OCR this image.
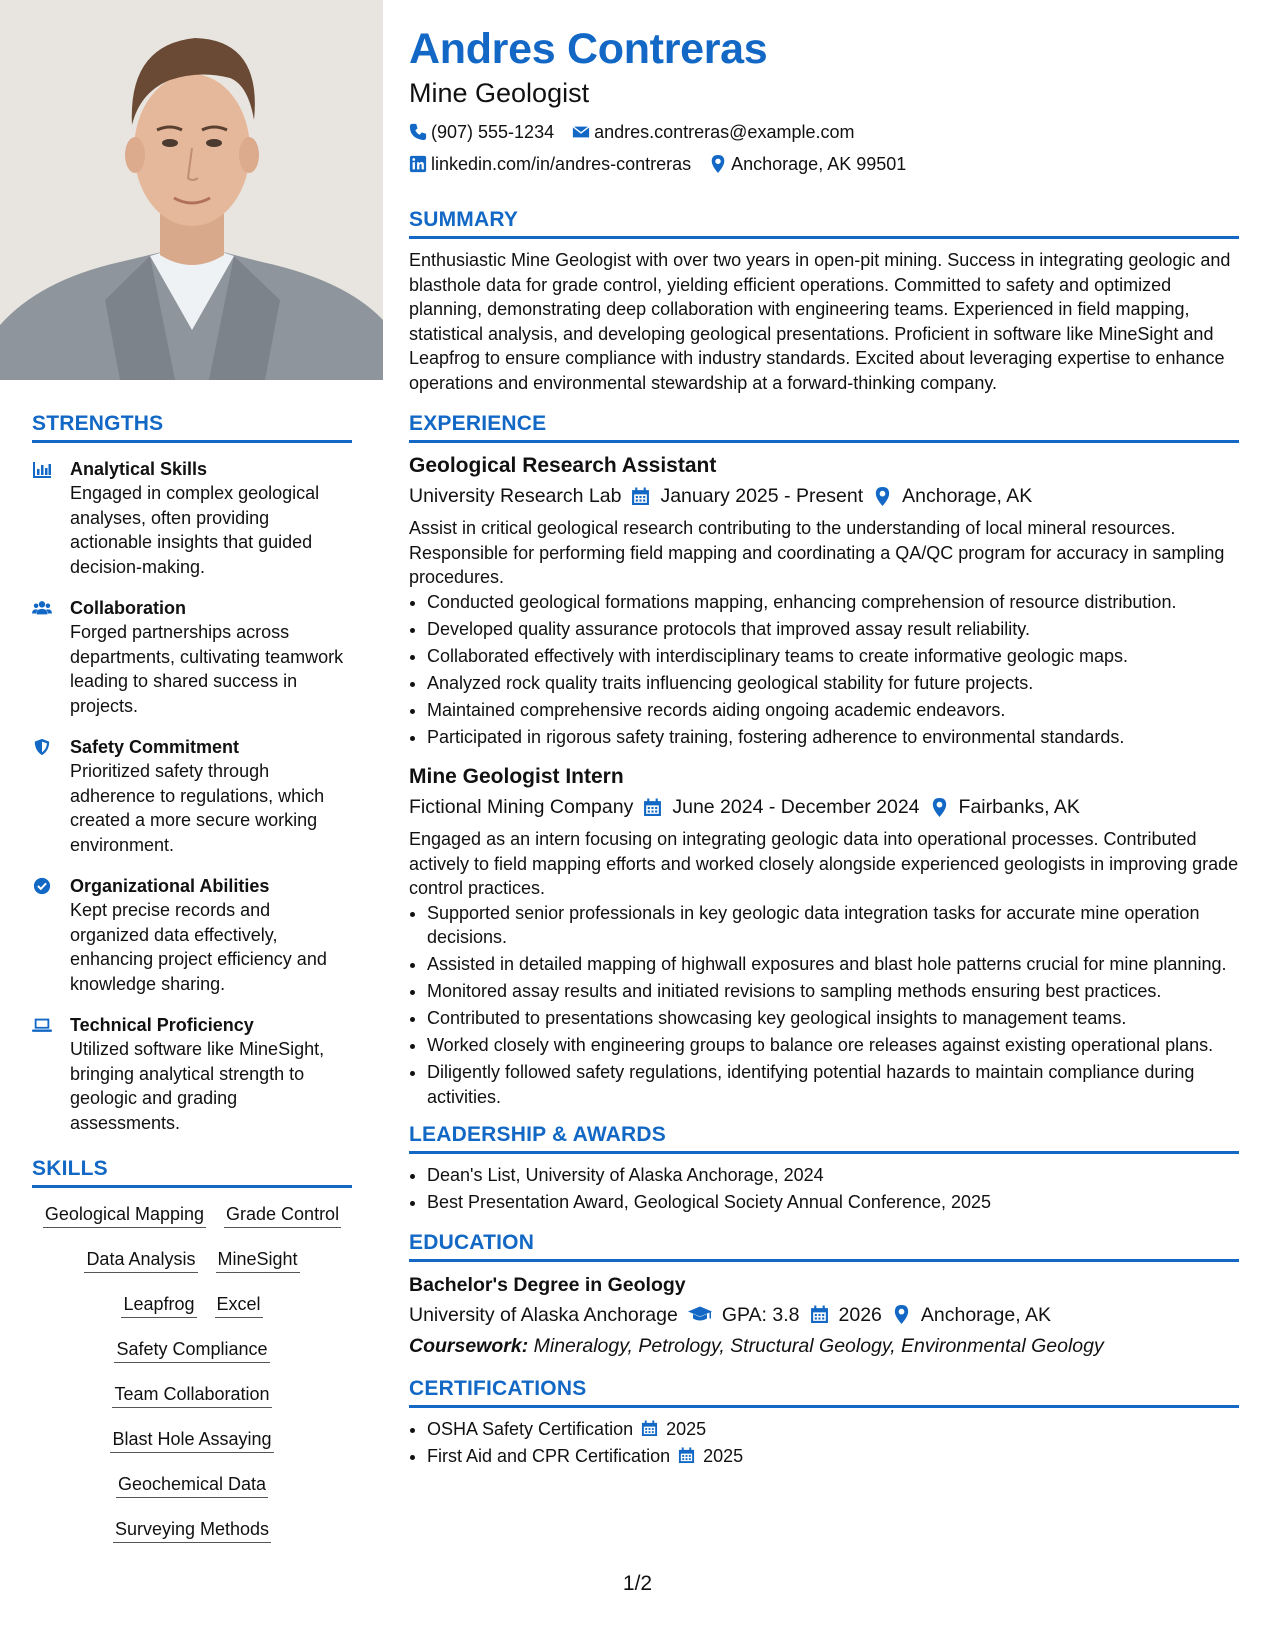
STRENGTHS
Analytical Skills
Engaged in complex geological analyses, often providing actionable insights that guided decision-making.
Collaboration
Forged partnerships across departments, cultivating teamwork leading to shared success in projects.
Safety Commitment
Prioritized safety through adherence to regulations, which created a more secure working environment.
Organizational Abilities
Kept precise records and organized data effectively, enhancing project efficiency and knowledge sharing.
Technical Proficiency
Utilized software like MineSight, bringing analytical strength to geologic and grading assessments.
SKILLS
Geological Mapping Grade Control
Data Analysis MineSight
Leapfrog Excel
Safety Compliance
Team Collaboration
Blast Hole Assaying
Geochemical Data
Surveying Methods
Andres Contreras
Mine Geologist
(907) 555-1234 andres.contreras@example.com
linkedin.com/in/andres-contreras Anchorage, AK 99501
SUMMARY

Enthusiastic Mine Geologist with over two years in open-pit mining. Success in integrating geologic and blasthole data for grade control, yielding efficient operations. Committed to safety and optimized planning, demonstrating deep collaboration with engineering teams. Experienced in field mapping, statistical analysis, and developing geological presentations. Proficient in software like MineSight and Leapfrog to ensure compliance with industry standards. Excited about leveraging expertise to enhance operations and environmental stewardship at a forward-thinking company.

EXPERIENCE
Geological Research Assistant
University Research Lab January 2025 - Present Anchorage, AK

Assist in critical geological research contributing to the understanding of local mineral resources. Responsible for performing field mapping and coordinating a QA/QC program for accuracy in sampling procedures.

• Conducted geological formations mapping, enhancing comprehension of resource distribution.
• Developed quality assurance protocols that improved assay result reliability.
• Collaborated effectively with interdisciplinary teams to create informative geologic maps.
• Analyzed rock quality traits influencing geological stability for future projects.
• Maintained comprehensive records aiding ongoing academic endeavors.
• Participated in rigorous safety training, fostering adherence to environmental standards.
Mine Geologist Intern
Fictional Mining Company June 2024 - December 2024 Fairbanks, AK

Engaged as an intern focusing on integrating geologic data into operational processes. Contributed actively to field mapping efforts and worked closely alongside experienced geologists in improving grade control practices.

• Supported senior professionals in key geologic data integration tasks for accurate mine operation decisions.
• Assisted in detailed mapping of highwall exposures and blast hole patterns crucial for mine planning.
• Monitored assay results and initiated revisions to sampling methods ensuring best practices.
• Contributed to presentations showcasing key geological insights to management teams.
• Worked closely with engineering groups to balance ore releases against existing operational plans.
• Diligently followed safety regulations, identifying potential hazards to maintain compliance during activities.
LEADERSHIP & AWARDS
• Dean's List, University of Alaska Anchorage, 2024
• Best Presentation Award, Geological Society Annual Conference, 2025
EDUCATION
Bachelor's Degree in Geology
University of Alaska Anchorage GPA: 3.8 2026 Anchorage, AK
Coursework: Mineralogy, Petrology, Structural Geology, Environmental Geology
CERTIFICATIONS
• OSHA Safety Certification 2025
• First Aid and CPR Certification 2025
1/2
